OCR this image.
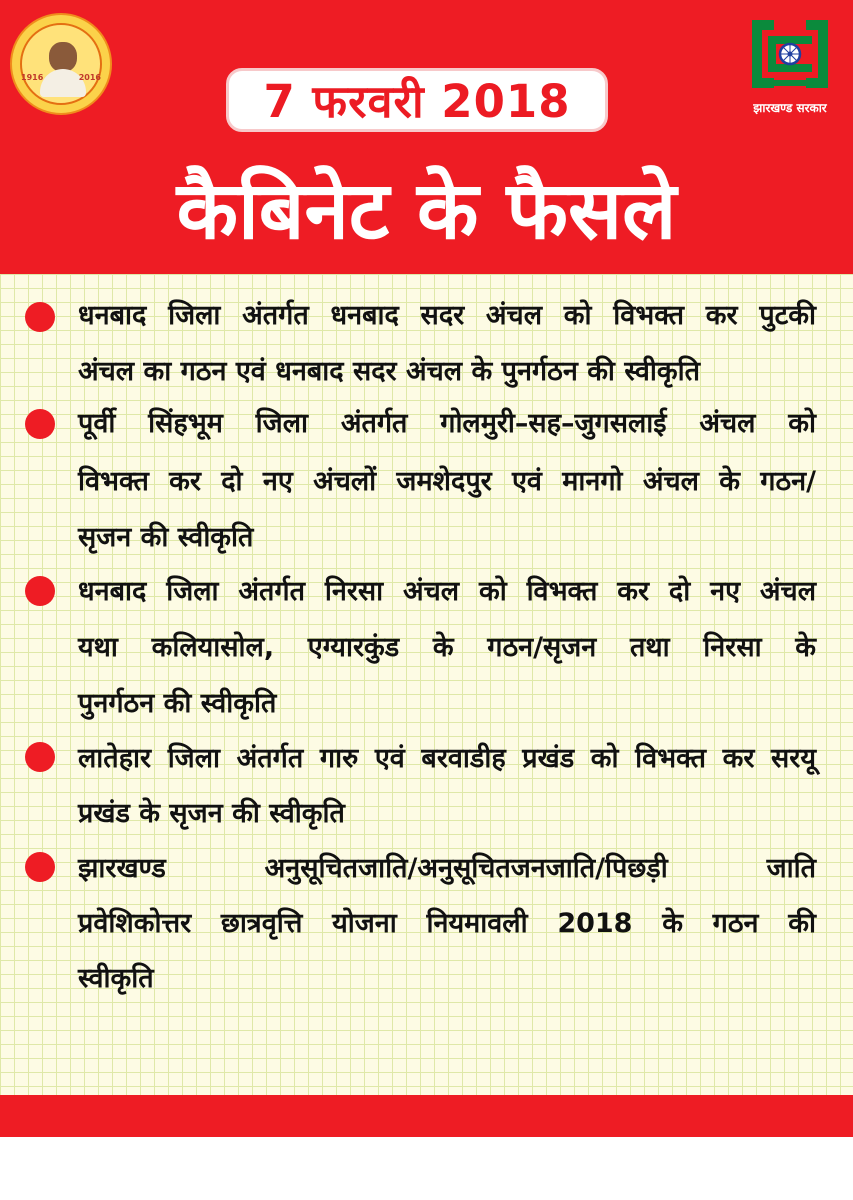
1916	2016	7 फरवरी 2018	झारखण्ड सरकार
कैबिनेट के फैसले
धनबाद जिला अंतर्गत धनबाद सदर अंचल को विभक्त कर पुटकी
अंचल का गठन एवं धनबाद सदर अंचल के पुनर्गठन की स्वीकृति
पूर्वी सिंहभूम जिला अंतर्गत गोलमुरी–सह–जुगसलाई अंचल को
विभक्त कर दो नए अंचलों जमशेदपुर एवं मानगो अंचल के गठन/
सृजन की स्वीकृति
धनबाद जिला अंतर्गत निरसा अंचल को विभक्त कर दो नए अंचल
यथा कलियासोल, एग्यारकुंड के गठन/सृजन तथा निरसा के
पुनर्गठन की स्वीकृति
लातेहार जिला अंतर्गत गारु एवं बरवाडीह प्रखंड को विभक्त कर सरयू
प्रखंड के सृजन की स्वीकृति
झारखण्ड अनुसूचितजाति/अनुसूचितजनजाति/पिछड़ी जाति
प्रवेशिकोत्तर छात्रवृत्ति योजना नियमावली 2018 के गठन की
स्वीकृति
